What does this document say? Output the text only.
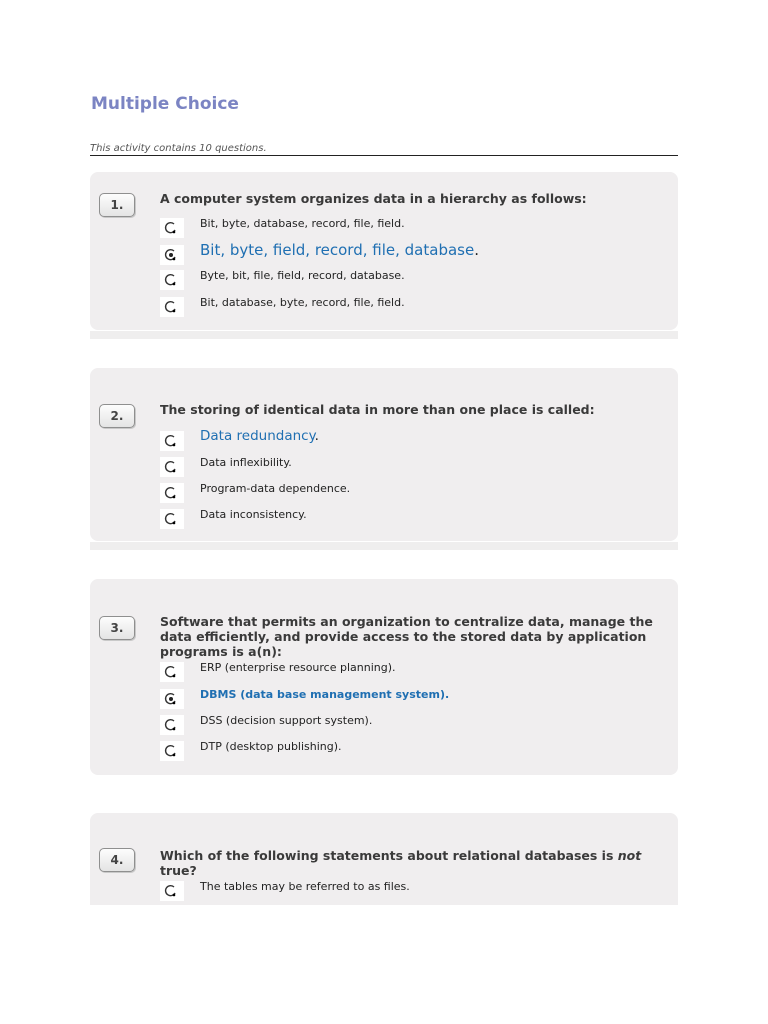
Multiple Choice
This activity contains 10 questions.
1.	A computer system organizes data in a hierarchy as follows:
Bit, byte, database, record, file, field.
Bit, byte, field, record, file, database.
Byte, bit, file, field, record, database.
Bit, database, byte, record, file, field.
2.	The storing of identical data in more than one place is called:
Data redundancy.
Data inflexibility.
Program-data dependence.
Data inconsistency.
3.	Software that permits an organization to centralize data, manage the data efficiently, and provide access to the stored data by application programs is a(n):
ERP (enterprise resource planning).
DBMS (data base management system).
DSS (decision support system).
DTP (desktop publishing).
4.	Which of the following statements about relational databases is not true?
The tables may be referred to as files.
